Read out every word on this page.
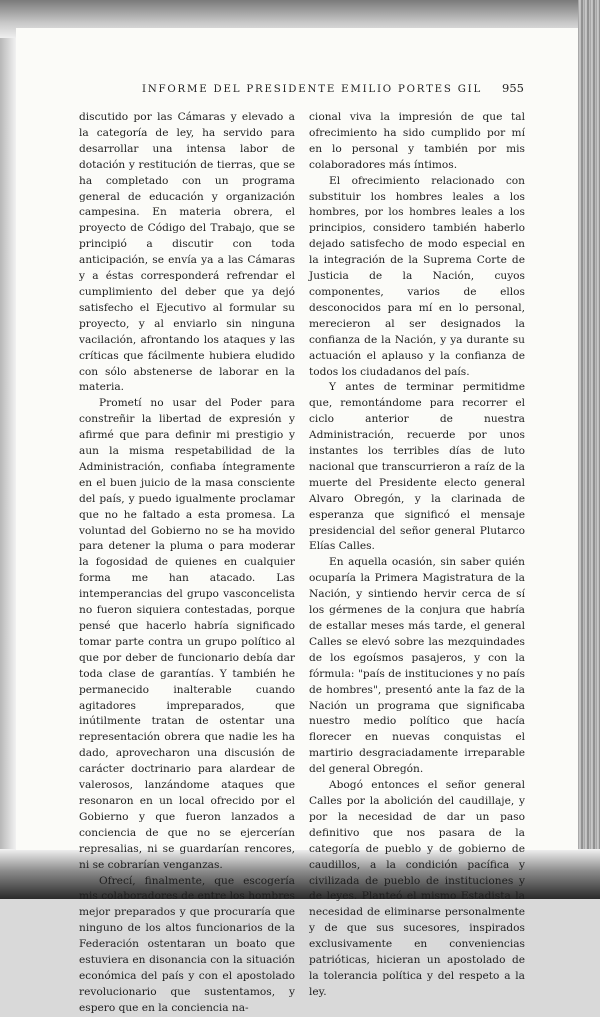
INFORME DEL PRESIDENTE EMILIO PORTES GIL	955

discutido por las Cámaras y elevado a la categoría de ley, ha servido para desarrollar una intensa labor de dotación y restitución de tierras, que se ha completado con un programa general de educación y organización campesina. En materia obrera, el proyecto de Código del Trabajo, que se principió a discutir con toda anticipación, se envía ya a las Cámaras y a éstas corresponderá refrendar el cumplimiento del deber que ya dejó satisfecho el Ejecutivo al formular su proyecto, y al enviarlo sin ninguna vacilación, afrontando los ataques y las críticas que fácilmente hubiera eludido con sólo abstenerse de laborar en la materia.

Prometí no usar del Poder para constreñir la libertad de expresión y afirmé que para definir mi prestigio y aun la misma respetabilidad de la Administración, confiaba íntegramente en el buen juicio de la masa consciente del país, y puedo igualmente proclamar que no he faltado a esta promesa. La voluntad del Gobierno no se ha movido para detener la pluma o para moderar la fogosidad de quienes en cualquier forma me han atacado. Las intemperancias del grupo vasconcelista no fueron siquiera contestadas, porque pensé que hacerlo habría significado tomar parte contra un grupo político al que por deber de funcionario debía dar toda clase de garantías. Y también he permanecido inalterable cuando agitadores impreparados, que inútilmente tratan de ostentar una representación obrera que nadie les ha dado, aprovecharon una discusión de carácter doctrinario para alardear de valerosos, lanzándome ataques que resonaron en un local ofrecido por el Gobierno y que fueron lanzados a conciencia de que no se ejercerían represalias, ni se guardarían rencores, ni se cobrarían venganzas.

Ofrecí, finalmente, que escogería mis colaboradores de entre los hombres mejor preparados y que procuraría que ninguno de los altos funcionarios de la Federación ostentaran un boato que estuviera en disonancia con la situación económica del país y con el apostolado revolucionario que sustentamos, y espero que en la conciencia na-

cional viva la impresión de que tal ofrecimiento ha sido cumplido por mí en lo personal y también por mis colaboradores más íntimos.

El ofrecimiento relacionado con substituir los hombres leales a los hombres, por los hombres leales a los principios, considero también haberlo dejado satisfecho de modo especial en la integración de la Suprema Corte de Justicia de la Nación, cuyos componentes, varios de ellos desconocidos para mí en lo personal, merecieron al ser designados la confianza de la Nación, y ya durante su actuación el aplauso y la confianza de todos los ciudadanos del país.

Y antes de terminar permitidme que, remontándome para recorrer el ciclo anterior de nuestra Administración, recuerde por unos instantes los terribles días de luto nacional que transcurrieron a raíz de la muerte del Presidente electo general Alvaro Obregón, y la clarinada de esperanza que significó el mensaje presidencial del señor general Plutarco Elías Calles.

En aquella ocasión, sin saber quién ocuparía la Primera Magistratura de la Nación, y sintiendo hervir cerca de sí los gérmenes de la conjura que habría de estallar meses más tarde, el general Calles se elevó sobre las mezquindades de los egoísmos pasajeros, y con la fórmula: "país de instituciones y no país de hombres", presentó ante la faz de la Nación un programa que significaba nuestro medio político que hacía florecer en nuevas conquistas el martirio desgraciadamente irreparable del general Obregón.

Abogó entonces el señor general Calles por la abolición del caudillaje, y por la necesidad de dar un paso definitivo que nos pasara de la categoría de pueblo y de gobierno de caudillos, a la condición pacífica y civilizada de pueblo de instituciones y de leyes. Planteó el mismo Estadista la necesidad de eliminarse personalmente y de que sus sucesores, inspirados exclusivamente en conveniencias patrióticas, hicieran un apostolado de la tolerancia política y del respeto a la ley.
